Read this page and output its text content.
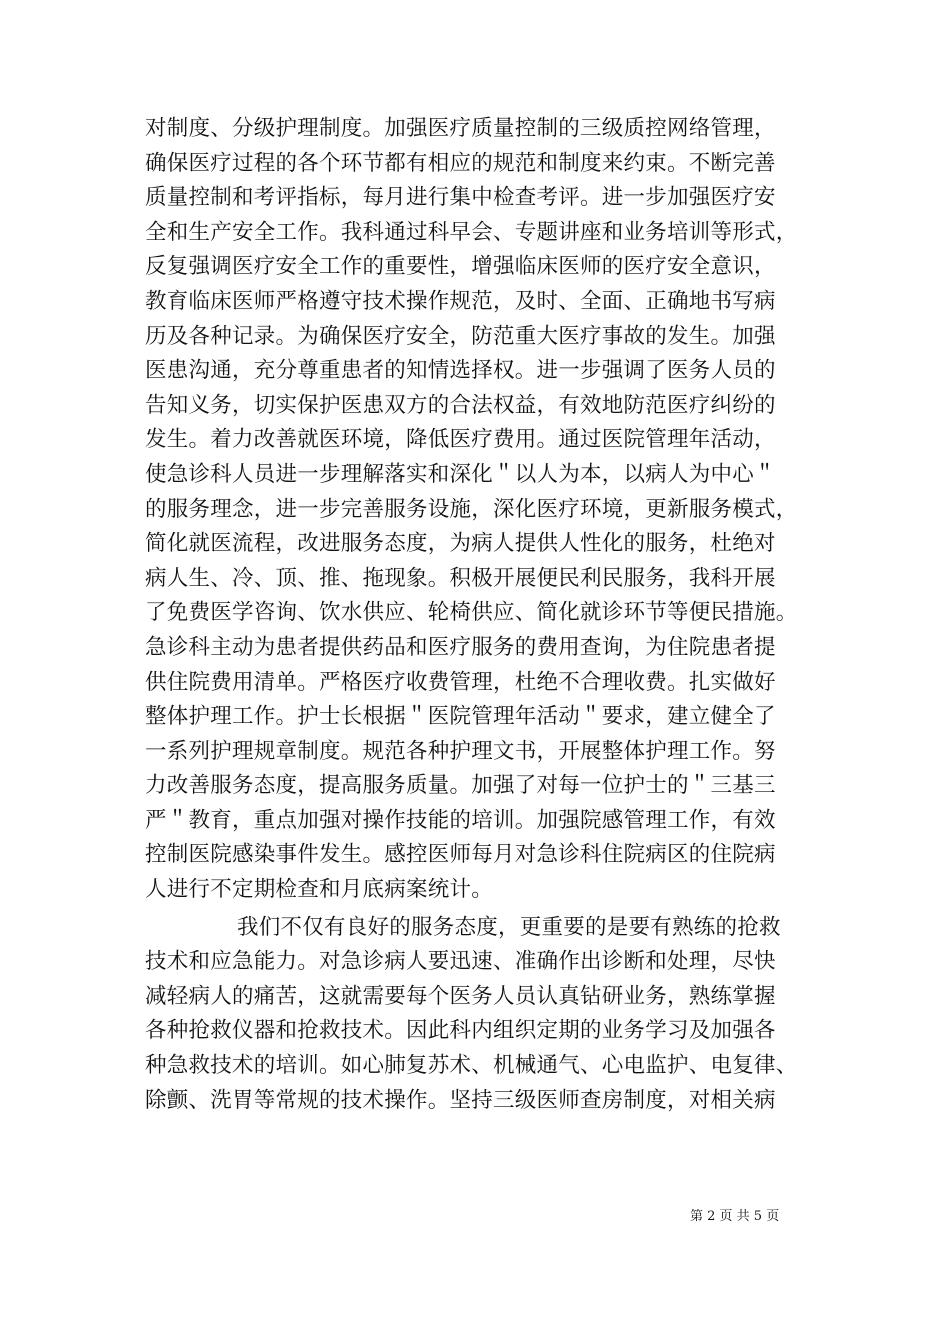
对制度、分级护理制度。加强医疗质量控制的三级质控网络管理，
确保医疗过程的各个环节都有相应的规范和制度来约束。不断完善
质量控制和考评指标，每月进行集中检查考评。进一步加强医疗安
全和生产安全工作。我科通过科早会、专题讲座和业务培训等形式，
反复强调医疗安全工作的重要性，增强临床医师的医疗安全意识，
教育临床医师严格遵守技术操作规范，及时、全面、正确地书写病
历及各种记录。为确保医疗安全，防范重大医疗事故的发生。加强
医患沟通，充分尊重患者的知情选择权。进一步强调了医务人员的
告知义务，切实保护医患双方的合法权益，有效地防范医疗纠纷的
发生。着力改善就医环境，降低医疗费用。通过医院管理年活动，
使急诊科人员进一步理解落实和深化＂以人为本，以病人为中心＂
的服务理念，进一步完善服务设施，深化医疗环境，更新服务模式，
简化就医流程，改进服务态度，为病人提供人性化的服务，杜绝对
病人生、冷、顶、推、拖现象。积极开展便民利民服务，我科开展
了免费医学咨询、饮水供应、轮椅供应、简化就诊环节等便民措施。
急诊科主动为患者提供药品和医疗服务的费用查询，为住院患者提
供住院费用清单。严格医疗收费管理，杜绝不合理收费。扎实做好
整体护理工作。护士长根据＂医院管理年活动＂要求，建立健全了
一系列护理规章制度。规范各种护理文书，开展整体护理工作。努
力改善服务态度，提高服务质量。加强了对每一位护士的＂三基三
严＂教育，重点加强对操作技能的培训。加强院感管理工作，有效
控制医院感染事件发生。感控医师每月对急诊科住院病区的住院病
人进行不定期检查和月底病案统计。
我们不仅有良好的服务态度，更重要的是要有熟练的抢救
技术和应急能力。对急诊病人要迅速、准确作出诊断和处理，尽快
减轻病人的痛苦，这就需要每个医务人员认真钻研业务，熟练掌握
各种抢救仪器和抢救技术。因此科内组织定期的业务学习及加强各
种急救技术的培训。如心肺复苏术、机械通气、心电监护、电复律、
除颤、洗胃等常规的技术操作。坚持三级医师查房制度，对相关病
第 2 页 共 5 页
